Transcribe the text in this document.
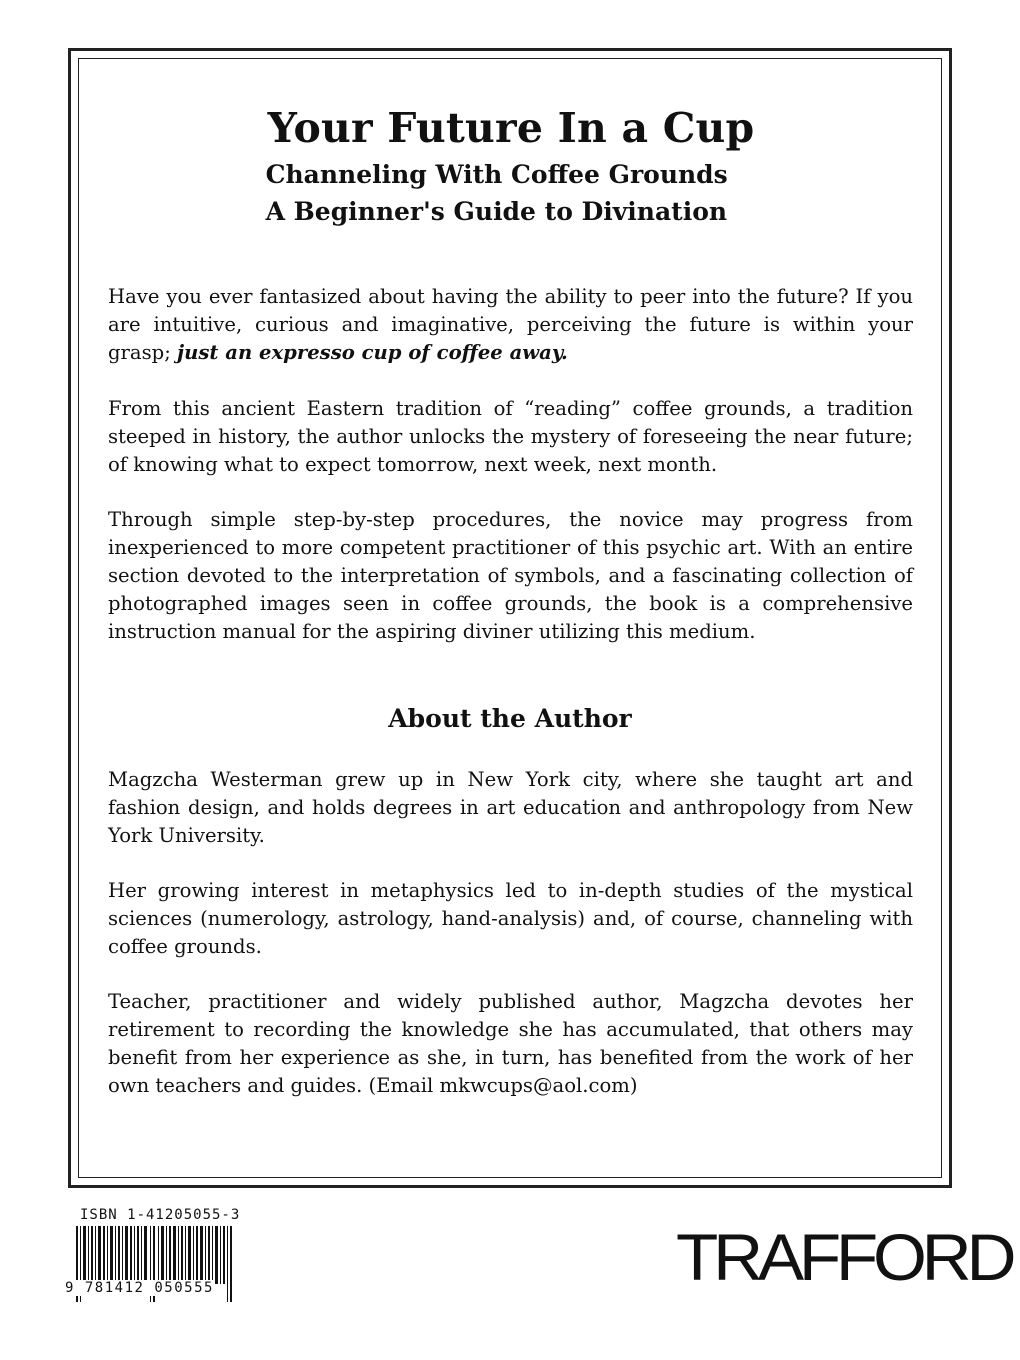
Your Future In a Cup
Channeling With Coffee Grounds
A Beginner's Guide to Divination

Have you ever fantasized about having the ability to peer into the future? If you are intuitive, curious and imaginative, perceiving the future is within your grasp; just an expresso cup of coffee away.

From this ancient Eastern tradition of “reading” coffee grounds, a tradition steeped in history, the author unlocks the mystery of foreseeing the near future; of knowing what to expect tomorrow, next week, next month.

Through simple step-by-step procedures, the novice may progress from inexperienced to more competent practitioner of this psychic art. With an entire section devoted to the interpretation of symbols, and a fascinating collection of photographed images seen in coffee grounds, the book is a comprehensive instruction manual for the aspiring diviner utilizing this medium.

About the Author

Magzcha Westerman grew up in New York city, where she taught art and fashion design, and holds degrees in art education and anthropology from New York University.

Her growing interest in metaphysics led to in-depth studies of the mystical sciences (numerology, astrology, hand-analysis) and, of course, channeling with coffee grounds.

Teacher, practitioner and widely published author, Magzcha devotes her retirement to recording the knowledge she has accumulated, that others may benefit from her experience as she, in turn, has benefited from the work of her own teachers and guides. (Email mkwcups@aol.com)

ISBN 1-41205055-3
9 781412 050555	TRAFFORD
